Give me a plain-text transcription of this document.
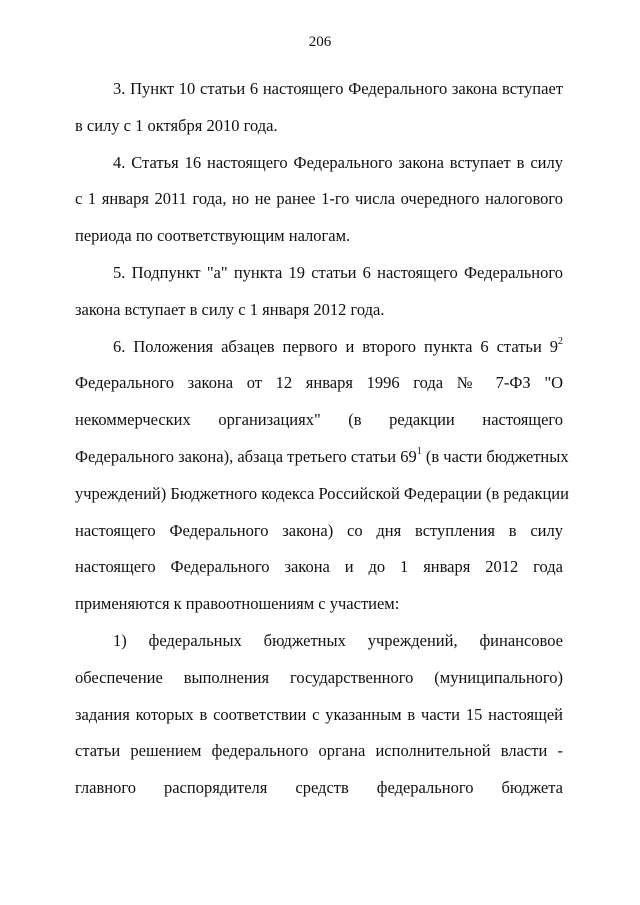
206
3. Пункт 10 статьи 6 настоящего Федерального закона вступает
в силу с 1 октября 2010 года.
4. Статья 16 настоящего Федерального закона вступает в силу
с 1 января 2011 года, но не ранее 1-го числа очередного налогового
периода по соответствующим налогам.
5. Подпункт "а" пункта 19 статьи 6 настоящего Федерального
закона вступает в силу с 1 января 2012 года.
6. Положения абзацев первого и второго пункта 6 статьи $9^2$
Федерального закона от 12 января 1996 года № 7-ФЗ "О
некоммерческих организациях" (в редакции настоящего
Федерального закона), абзаца третьего статьи $69^1$ (в части бюджетных
учреждений) Бюджетного кодекса Российской Федерации (в редакции
настоящего Федерального закона) со дня вступления в силу
настоящего Федерального закона и до 1 января 2012 года
применяются к правоотношениям с участием:
1) федеральных бюджетных учреждений, финансовое
обеспечение выполнения государственного (муниципального)
задания которых в соответствии с указанным в части 15 настоящей
статьи решением федерального органа исполнительной власти -
главного распорядителя средств федерального бюджета
